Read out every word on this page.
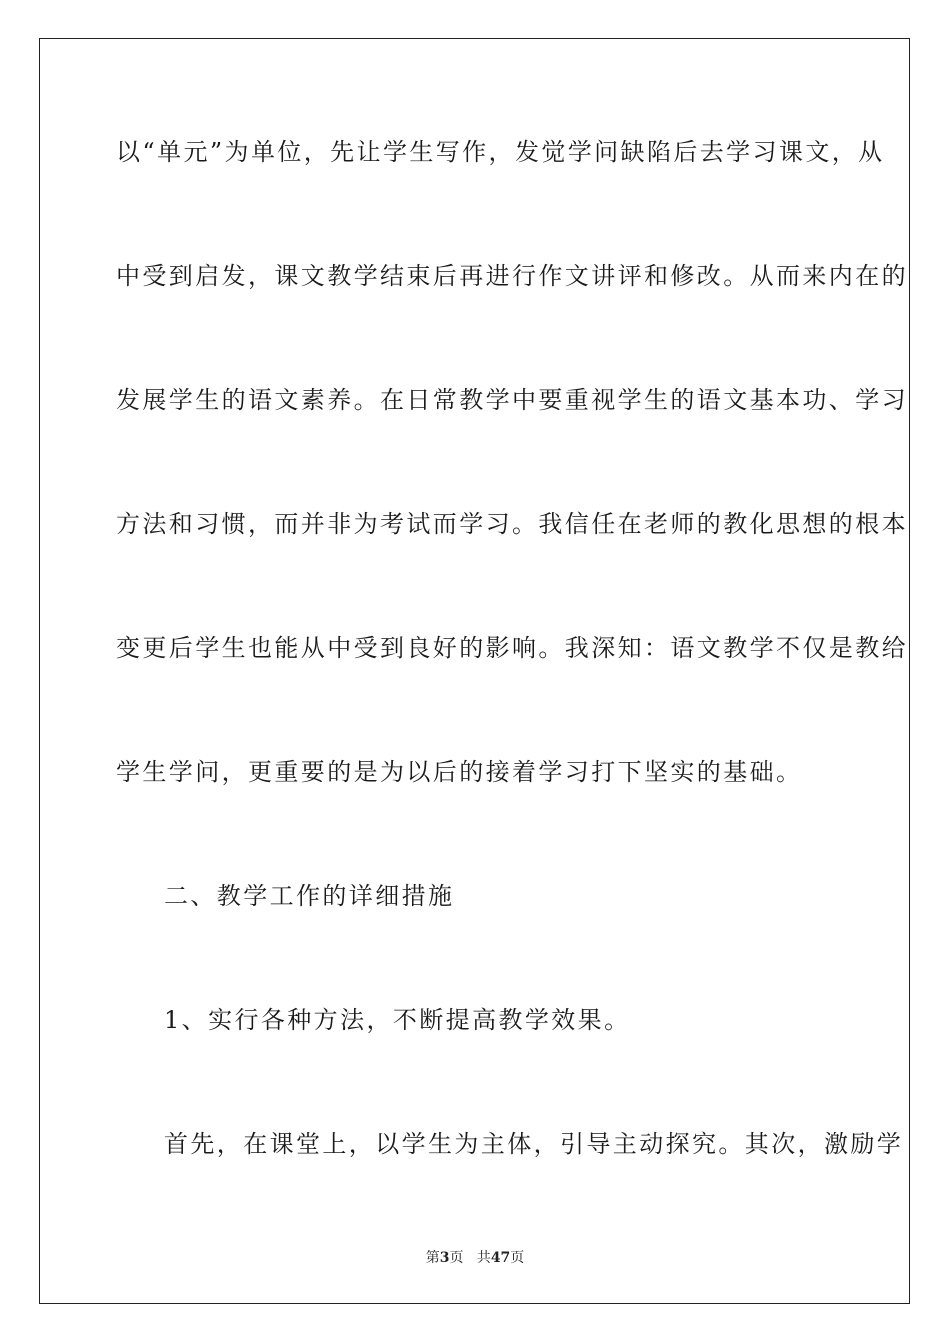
以“单元”为单位，先让学生写作，发觉学问缺陷后去学习课文，从
中受到启发，课文教学结束后再进行作文讲评和修改。从而来内在的
发展学生的语文素养。在日常教学中要重视学生的语文基本功、学习
方法和习惯，而并非为考试而学习。我信任在老师的教化思想的根本
变更后学生也能从中受到良好的影响。我深知：语文教学不仅是教给
学生学问，更重要的是为以后的接着学习打下坚实的基础。
二、教学工作的详细措施
1、实行各种方法，不断提高教学效果。
首先，在课堂上，以学生为主体，引导主动探究。其次，激励学
第3页 共47页
